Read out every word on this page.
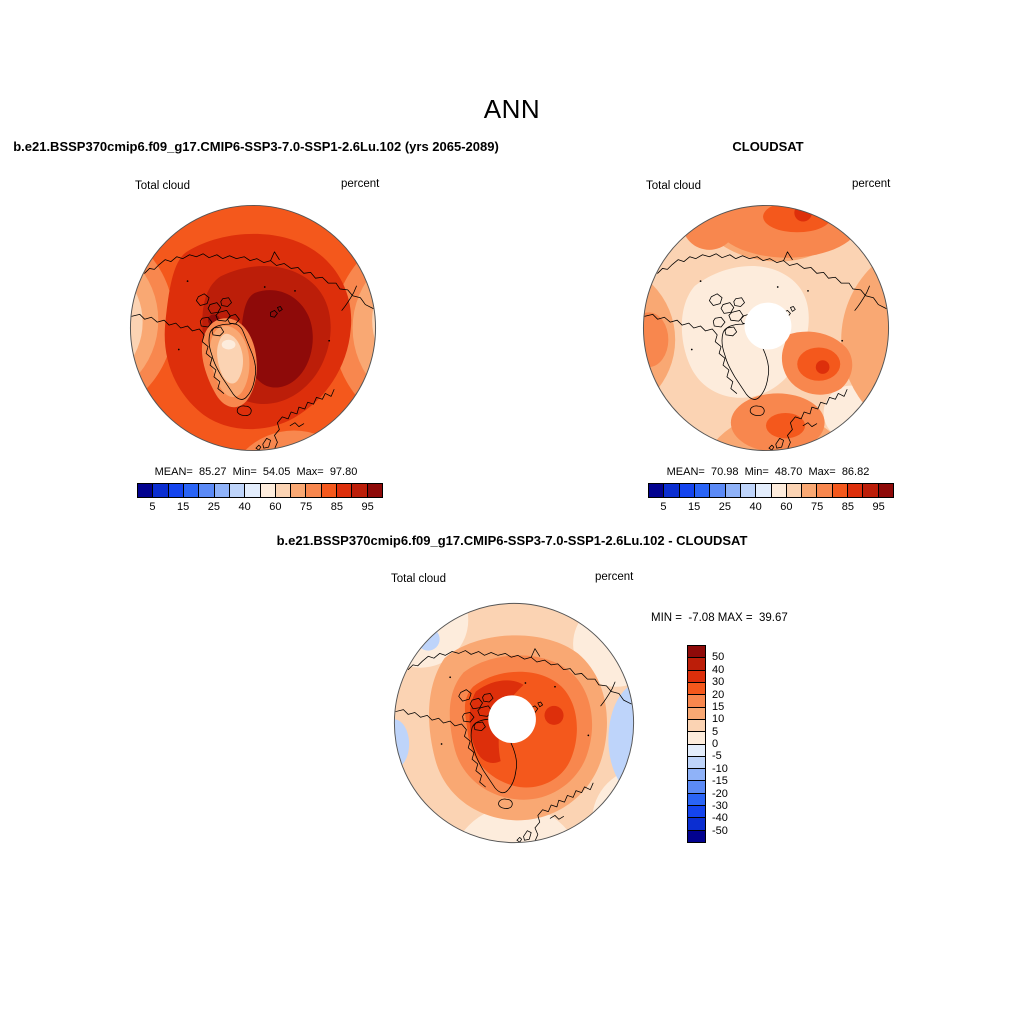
ANN
b.e21.BSSP370cmip6.f09_g17.CMIP6-SSP3-7.0-SSP1-2.6Lu.102 (yrs 2065-2089)	CLOUDSAT
Total cloud	percent
MEAN=  85.27  Min=  54.05  Max=  97.80
5 15 25 40 60 75 85 95
Total cloud	percent
MEAN=  70.98  Min=  48.70  Max=  86.82
5 15 25 40 60 75 85 95
b.e21.BSSP370cmip6.f09_g17.CMIP6-SSP3-7.0-SSP1-2.6Lu.102 - CLOUDSAT
Total cloud	percent
MIN =  -7.08 MAX =  39.67
50
40
30
20
15
10
5
0
-5
-10
-15
-20
-30
-40
-50
